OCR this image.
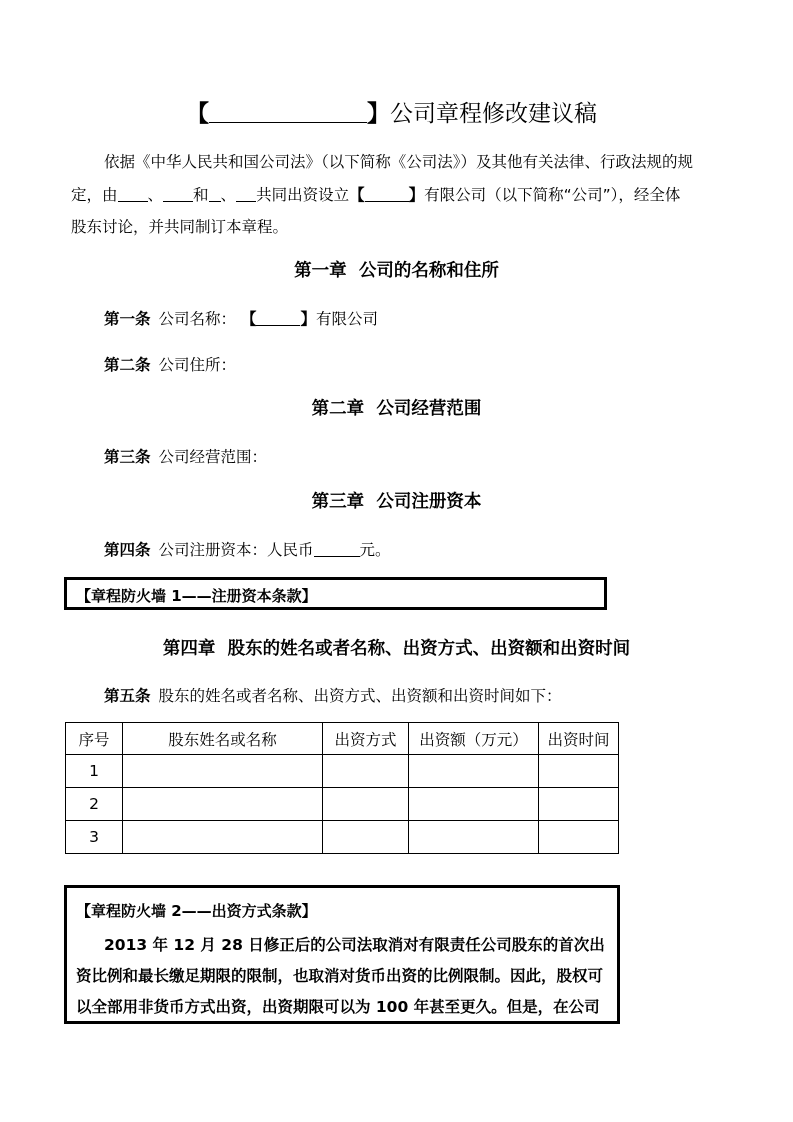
【	】公司章程修改建议稿
依据《中华人民共和国公司法》（以下简称《公司法》）及其他有关法律、行政法规的规
定，由 、 和 、 共同出资设立【	】有限公司（以下简称“公司”），经全体
股东讨论，并共同制订本章程。
第一章 公司的名称和住所
第一条 公司名称： 【	】有限公司
第二条 公司住所：
第二章 公司经营范围
第三条 公司经营范围：
第三章 公司注册资本
第四条 公司注册资本：人民币	元。
【章程防火墙 1——注册资本条款】
第四章 股东的姓名或者名称、出资方式、出资额和出资时间
第五条 股东的姓名或者名称、出资方式、出资额和出资时间如下：
序号	股东姓名或名称	出资方式	出资额（万元）	出资时间
1				
2				
3				
【章程防火墙 2——出资方式条款】
2013 年 12 月 28 日修正后的公司法取消对有限责任公司股东的首次出
资比例和最长缴足期限的限制，也取消对货币出资的比例限制。因此，股权可
以全部用非货币方式出资，出资期限可以为 100 年甚至更久。但是，在公司
